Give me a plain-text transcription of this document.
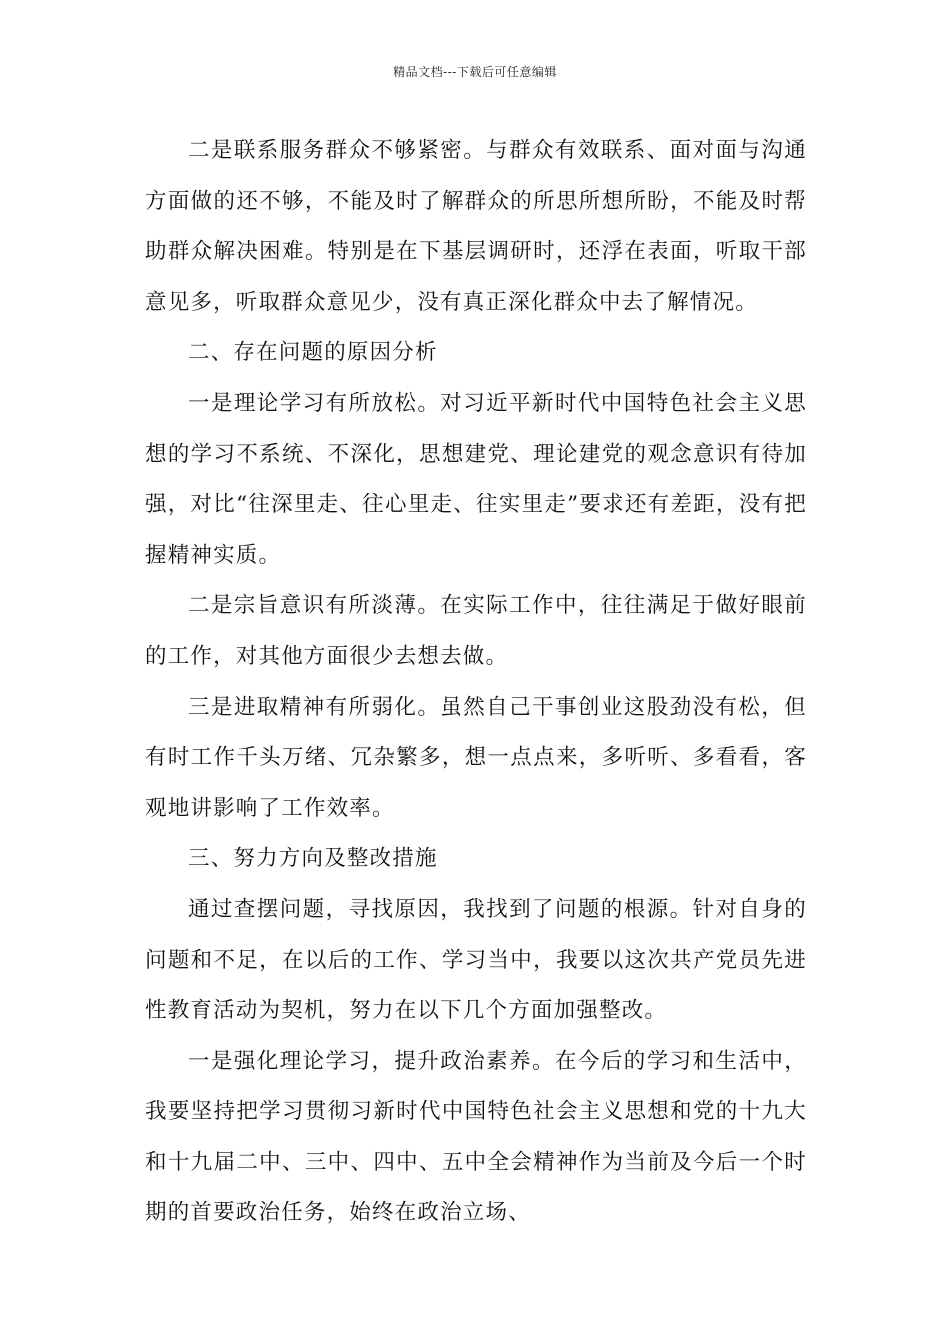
精品文档---下载后可任意编辑

二是联系服务群众不够紧密。与群众有效联系、面对面与沟通方面做的还不够，不能及时了解群众的所思所想所盼，不能及时帮助群众解决困难。特别是在下基层调研时，还浮在表面，听取干部意见多，听取群众意见少，没有真正深化群众中去了解情况。

二、存在问题的原因分析

一是理论学习有所放松。对习近平新时代中国特色社会主义思想的学习不系统、不深化，思想建党、理论建党的观念意识有待加强，对比“往深里走、往心里走、往实里走”要求还有差距，没有把握精神实质。

二是宗旨意识有所淡薄。在实际工作中，往往满足于做好眼前的工作，对其他方面很少去想去做。

三是进取精神有所弱化。虽然自己干事创业这股劲没有松，但有时工作千头万绪、冗杂繁多，想一点点来，多听听、多看看，客观地讲影响了工作效率。

三、努力方向及整改措施

通过查摆问题，寻找原因，我找到了问题的根源。针对自身的问题和不足，在以后的工作、学习当中，我要以这次共产党员先进性教育活动为契机，努力在以下几个方面加强整改。

一是强化理论学习，提升政治素养。在今后的学习和生活中，我要坚持把学习贯彻习新时代中国特色社会主义思想和党的十九大和十九届二中、三中、四中、五中全会精神作为当前及今后一个时期的首要政治任务，始终在政治立场、
